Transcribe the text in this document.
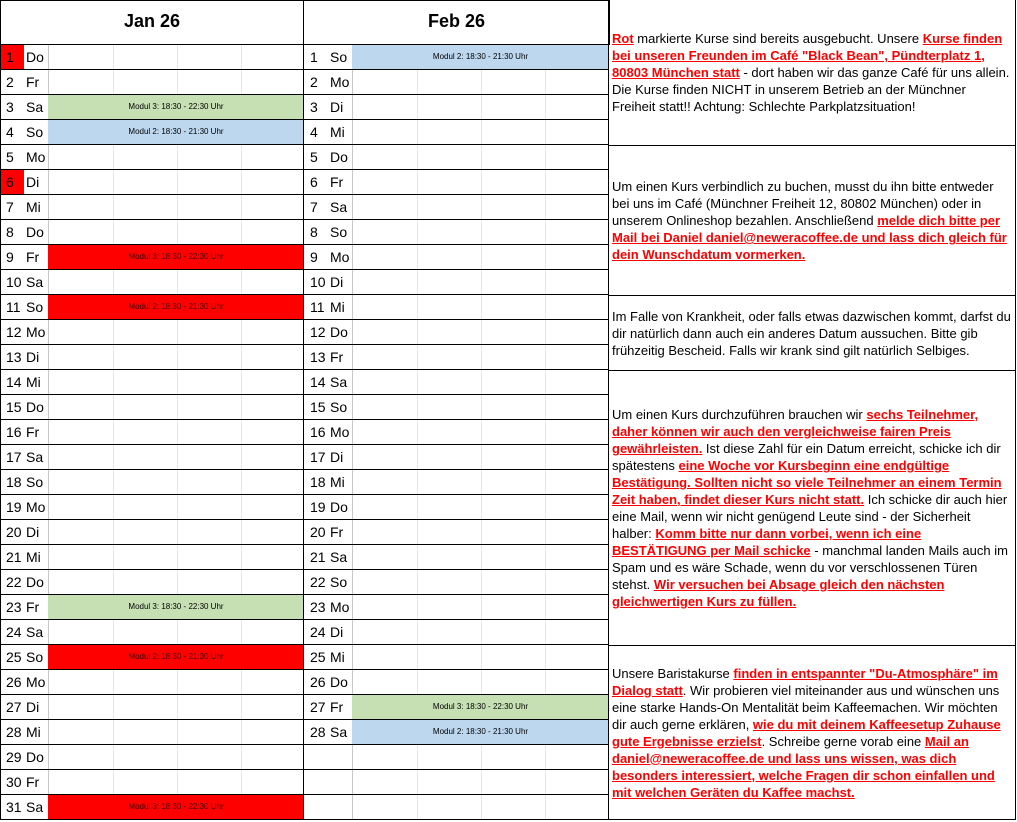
Jan 26	Feb 26
1 Do
2 Fr
3 Sa	Modul 3: 18:30 - 22:30 Uhr
4 So	Modul 2: 18:30 - 21:30 Uhr
5 Mo
6 Di
7 Mi
8 Do
9 Fr	Modul 3: 18:30 - 22:30 Uhr
10 Sa
11 So	Modul 2: 18:30 - 21:30 Uhr
12 Mo
13 Di
14 Mi
15 Do
16 Fr
17 Sa
18 So
19 Mo
20 Di
21 Mi
22 Do
23 Fr	Modul 3: 18:30 - 22:30 Uhr
24 Sa
25 So	Modul 2: 18:30 - 21:30 Uhr
26 Mo
27 Di
28 Mi
29 Do
30 Fr
31 Sa	Modul 3: 18:30 - 22:30 Uhr
1 So	Modul 2: 18:30 - 21:30 Uhr
2 Mo
3 Di
4 Mi
5 Do
6 Fr
7 Sa
8 So
9 Mo
10 Di
11 Mi
12 Do
13 Fr
14 Sa
15 So
16 Mo
17 Di
18 Mi
19 Do
20 Fr
21 Sa
22 So
23 Mo
24 Di
25 Mi
26 Do
27 Fr	Modul 3: 18:30 - 22:30 Uhr
28 Sa	Modul 2: 18:30 - 21:30 Uhr

Rot markierte Kurse sind bereits ausgebucht. Unsere Kurse finden bei unseren Freunden im Café "Black Bean", Pündterplatz 1, 80803 München statt - dort haben wir das ganze Café für uns allein. Die Kurse finden NICHT in unserem Betrieb an der Münchner Freiheit statt!! Achtung: Schlechte Parkplatzsituation!

Um einen Kurs verbindlich zu buchen, musst du ihn bitte entweder bei uns im Café (Münchner Freiheit 12, 80802 München) oder in unserem Onlineshop bezahlen. Anschließend melde dich bitte per Mail bei Daniel daniel@neweracoffee.de und lass dich gleich für dein Wunschdatum vormerken.

Im Falle von Krankheit, oder falls etwas dazwischen kommt, darfst du dir natürlich dann auch ein anderes Datum aussuchen. Bitte gib frühzeitig Bescheid. Falls wir krank sind gilt natürlich Selbiges.

Um einen Kurs durchzuführen brauchen wir sechs Teilnehmer, daher können wir auch den vergleichweise fairen Preis gewährleisten. Ist diese Zahl für ein Datum erreicht, schicke ich dir spätestens eine Woche vor Kursbeginn eine endgültige Bestätigung. Sollten nicht so viele Teilnehmer an einem Termin Zeit haben, findet dieser Kurs nicht statt. Ich schicke dir auch hier eine Mail, wenn wir nicht genügend Leute sind - der Sicherheit halber: Komm bitte nur dann vorbei, wenn ich eine BESTÄTIGUNG per Mail schicke - manchmal landen Mails auch im Spam und es wäre Schade, wenn du vor verschlossenen Türen stehst. Wir versuchen bei Absage gleich den nächsten gleichwertigen Kurs zu füllen.

Unsere Baristakurse finden in entspannter "Du-Atmosphäre" im Dialog statt. Wir probieren viel miteinander aus und wünschen uns eine starke Hands-On Mentalität beim Kaffeemachen. Wir möchten dir auch gerne erklären, wie du mit deinem Kaffeesetup Zuhause gute Ergebnisse erzielst. Schreibe gerne vorab eine Mail an daniel@neweracoffee.de und lass uns wissen, was dich besonders interessiert, welche Fragen dir schon einfallen und mit welchen Geräten du Kaffee machst.
